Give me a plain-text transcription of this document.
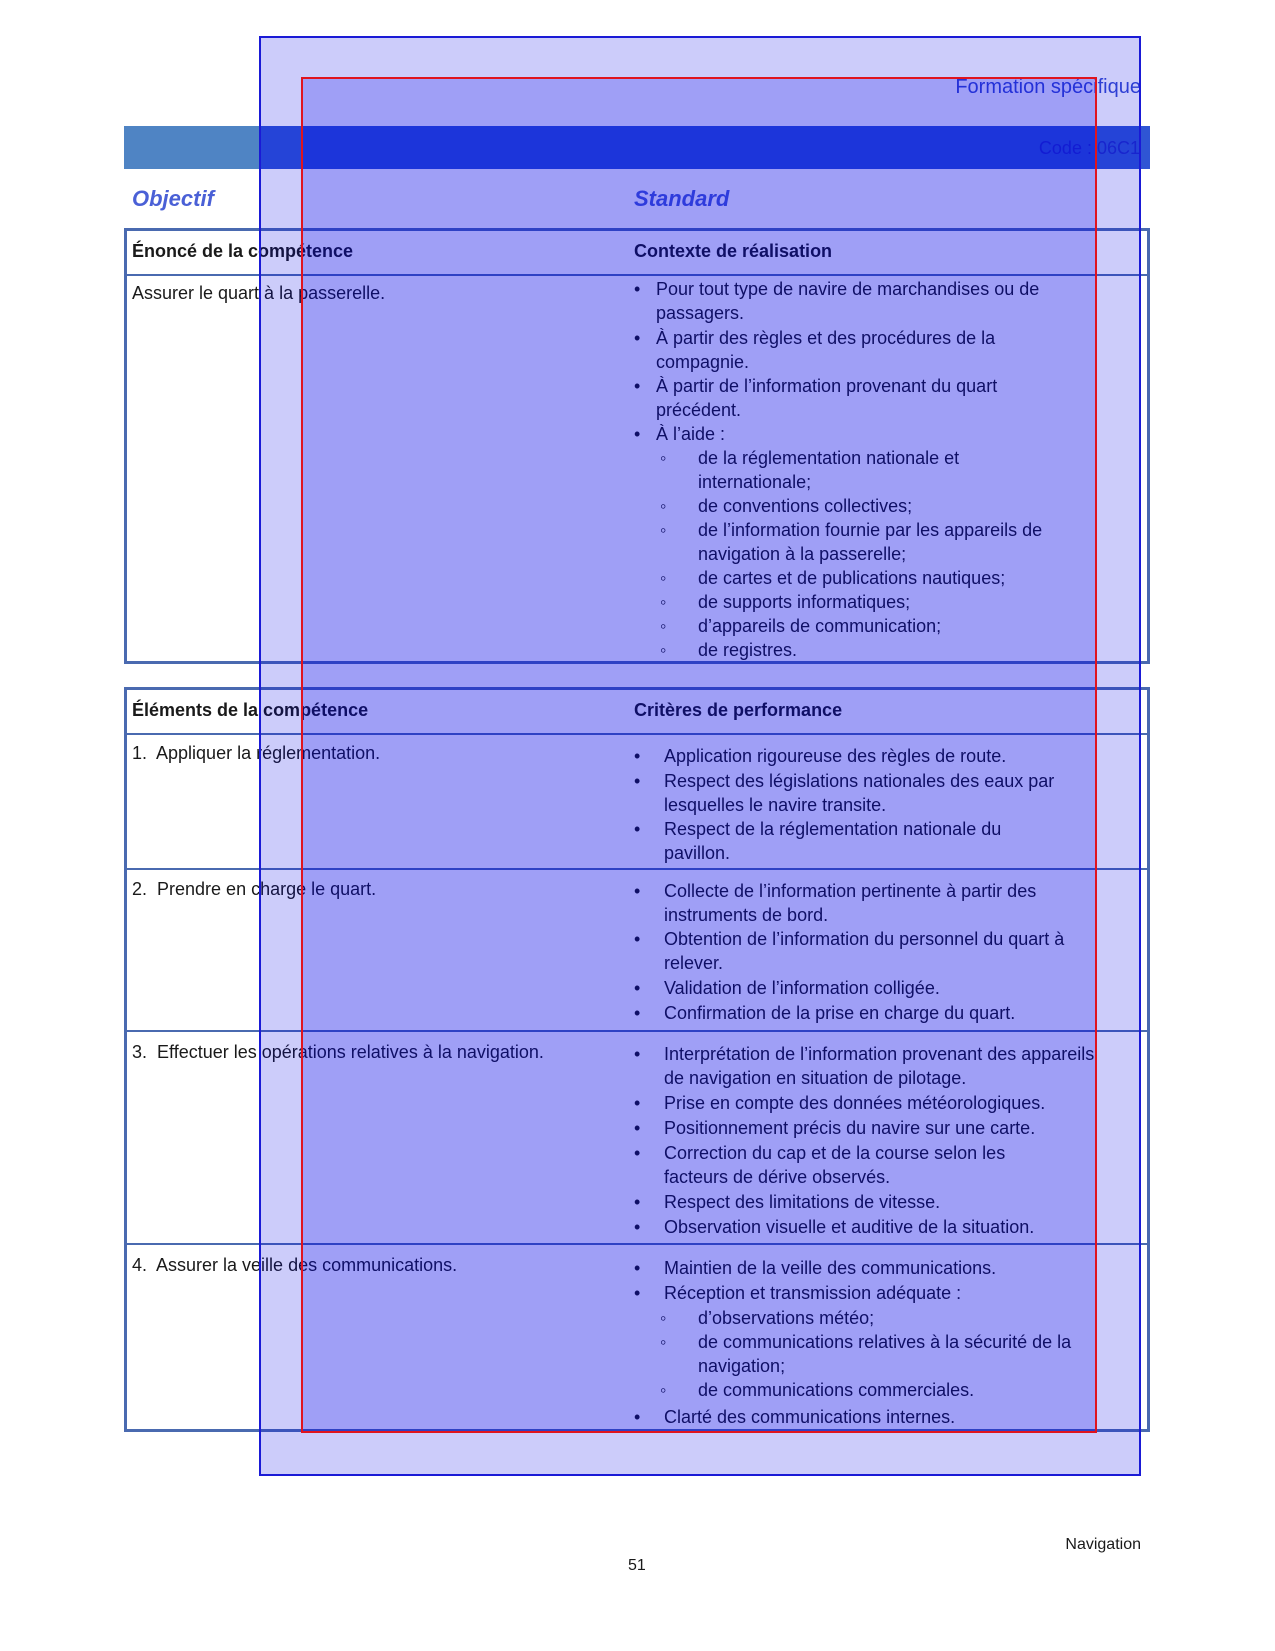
Formation spécifique
Code : 06C1
Objectif	Standard
Énoncé de la compétence	Contexte de réalisation
Assurer le quart à la passerelle.	• Pour tout type de navire de marchandises ou de passagers.
• À partir des règles et des procédures de la compagnie.
• À partir de l’information provenant du quart précédent.
• À l’aide :
◦	de la réglementation nationale et internationale;
◦	de conventions collectives;
◦	de l’information fournie par les appareils de navigation à la passerelle;
◦	de cartes et de publications nautiques;
◦	de supports informatiques;
◦	d’appareils de communication;
◦	de registres.
Éléments de la compétence	Critères de performance
1.  Appliquer la réglementation.	•	Application rigoureuse des règles de route.
•	Respect des législations nationales des eaux par lesquelles le navire transite.
•	Respect de la réglementation nationale du pavillon.
2.  Prendre en charge le quart.	•	Collecte de l’information pertinente à partir des instruments de bord.
•	Obtention de l’information du personnel du quart à relever.
•	Validation de l’information colligée.
•	Confirmation de la prise en charge du quart.
3.  Effectuer les opérations relatives à la navigation.	•	Interprétation de l’information provenant des appareils de navigation en situation de pilotage.
•	Prise en compte des données météorologiques.
•	Positionnement précis du navire sur une carte.
•	Correction du cap et de la course selon les facteurs de dérive observés.
•	Respect des limitations de vitesse.
•	Observation visuelle et auditive de la situation.
4.  Assurer la veille des communications.	•	Maintien de la veille des communications.
•	Réception et transmission adéquate :
◦	d’observations météo;
◦	de communications relatives à la sécurité de la navigation;
◦	de communications commerciales.
•	Clarté des communications internes.
Navigation
51
